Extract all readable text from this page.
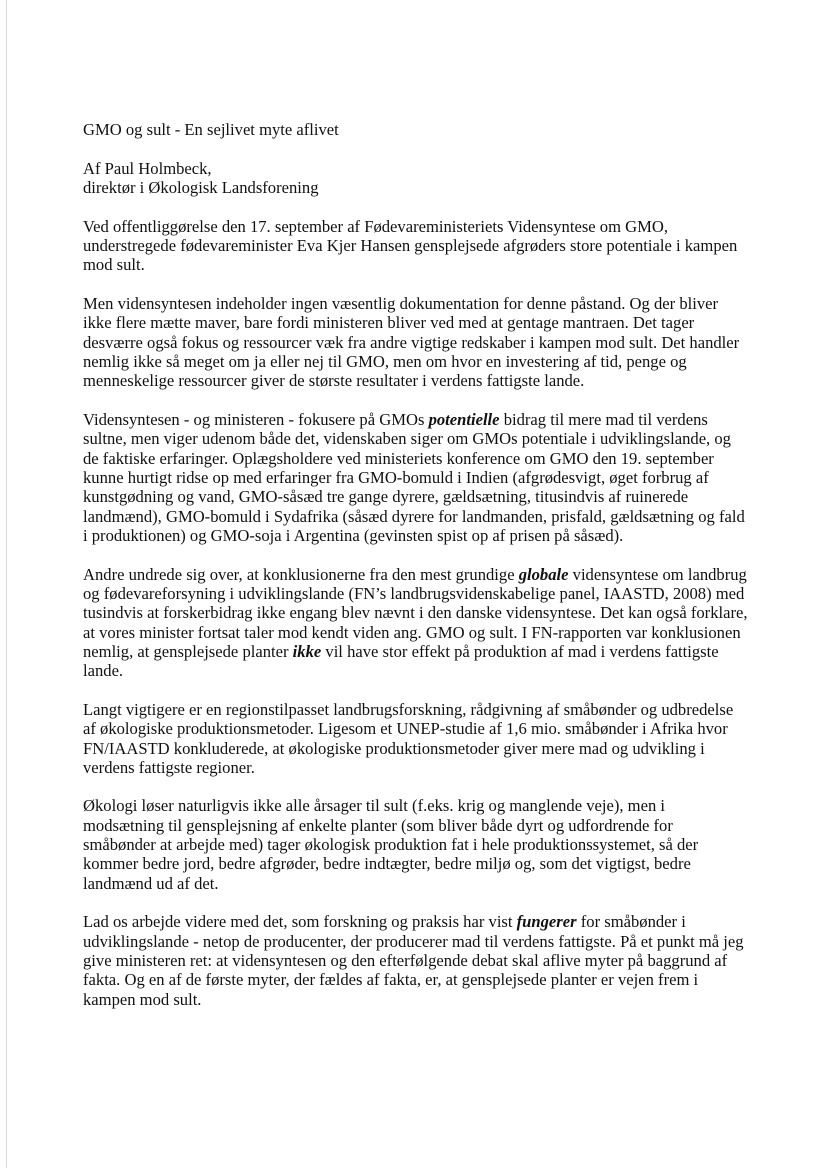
GMO og sult - En sejlivet myte aflivet
Af Paul Holmbeck,
direktør i Økologisk Landsforening
Ved offentliggørelse den 17. september af Fødevareministeriets Vidensyntese om GMO,
understregede fødevareminister Eva Kjer Hansen gensplejsede afgrøders store potentiale i kampen
mod sult.
Men vidensyntesen indeholder ingen væsentlig dokumentation for denne påstand. Og der bliver
ikke flere mætte maver, bare fordi ministeren bliver ved med at gentage mantraen. Det tager
desværre også fokus og ressourcer væk fra andre vigtige redskaber i kampen mod sult. Det handler
nemlig ikke så meget om ja eller nej til GMO, men om hvor en investering af tid, penge og
menneskelige ressourcer giver de største resultater i verdens fattigste lande.
Vidensyntesen - og ministeren - fokusere på GMOs potentielle bidrag til mere mad til verdens
sultne, men viger udenom både det, videnskaben siger om GMOs potentiale i udviklingslande, og
de faktiske erfaringer. Oplægsholdere ved ministeriets konference om GMO den 19. september
kunne hurtigt ridse op med erfaringer fra GMO-bomuld i Indien (afgrødesvigt, øget forbrug af
kunstgødning og vand, GMO-såsæd tre gange dyrere, gældsætning, titusindvis af ruinerede
landmænd), GMO-bomuld i Sydafrika (såsæd dyrere for landmanden, prisfald, gældsætning og fald
i produktionen) og GMO-soja i Argentina (gevinsten spist op af prisen på såsæd).
Andre undrede sig over, at konklusionerne fra den mest grundige globale vidensyntese om landbrug
og fødevareforsyning i udviklingslande (FN’s landbrugsvidenskabelige panel, IAASTD, 2008) med
tusindvis at forskerbidrag ikke engang blev nævnt i den danske vidensyntese. Det kan også forklare,
at vores minister fortsat taler mod kendt viden ang. GMO og sult. I FN-rapporten var konklusionen
nemlig, at gensplejsede planter ikke vil have stor effekt på produktion af mad i verdens fattigste
lande.
Langt vigtigere er en regionstilpasset landbrugsforskning, rådgivning af småbønder og udbredelse
af økologiske produktionsmetoder. Ligesom et UNEP-studie af 1,6 mio. småbønder i Afrika hvor
FN/IAASTD konkluderede, at økologiske produktionsmetoder giver mere mad og udvikling i
verdens fattigste regioner.
Økologi løser naturligvis ikke alle årsager til sult (f.eks. krig og manglende veje), men i
modsætning til gensplejsning af enkelte planter (som bliver både dyrt og udfordrende for
småbønder at arbejde med) tager økologisk produktion fat i hele produktionssystemet, så der
kommer bedre jord, bedre afgrøder, bedre indtægter, bedre miljø og, som det vigtigst, bedre
landmænd ud af det.
Lad os arbejde videre med det, som forskning og praksis har vist fungerer for småbønder i
udviklingslande - netop de producenter, der producerer mad til verdens fattigste. På et punkt må jeg
give ministeren ret: at vidensyntesen og den efterfølgende debat skal aflive myter på baggrund af
fakta. Og en af de første myter, der fældes af fakta, er, at gensplejsede planter er vejen frem i
kampen mod sult.
